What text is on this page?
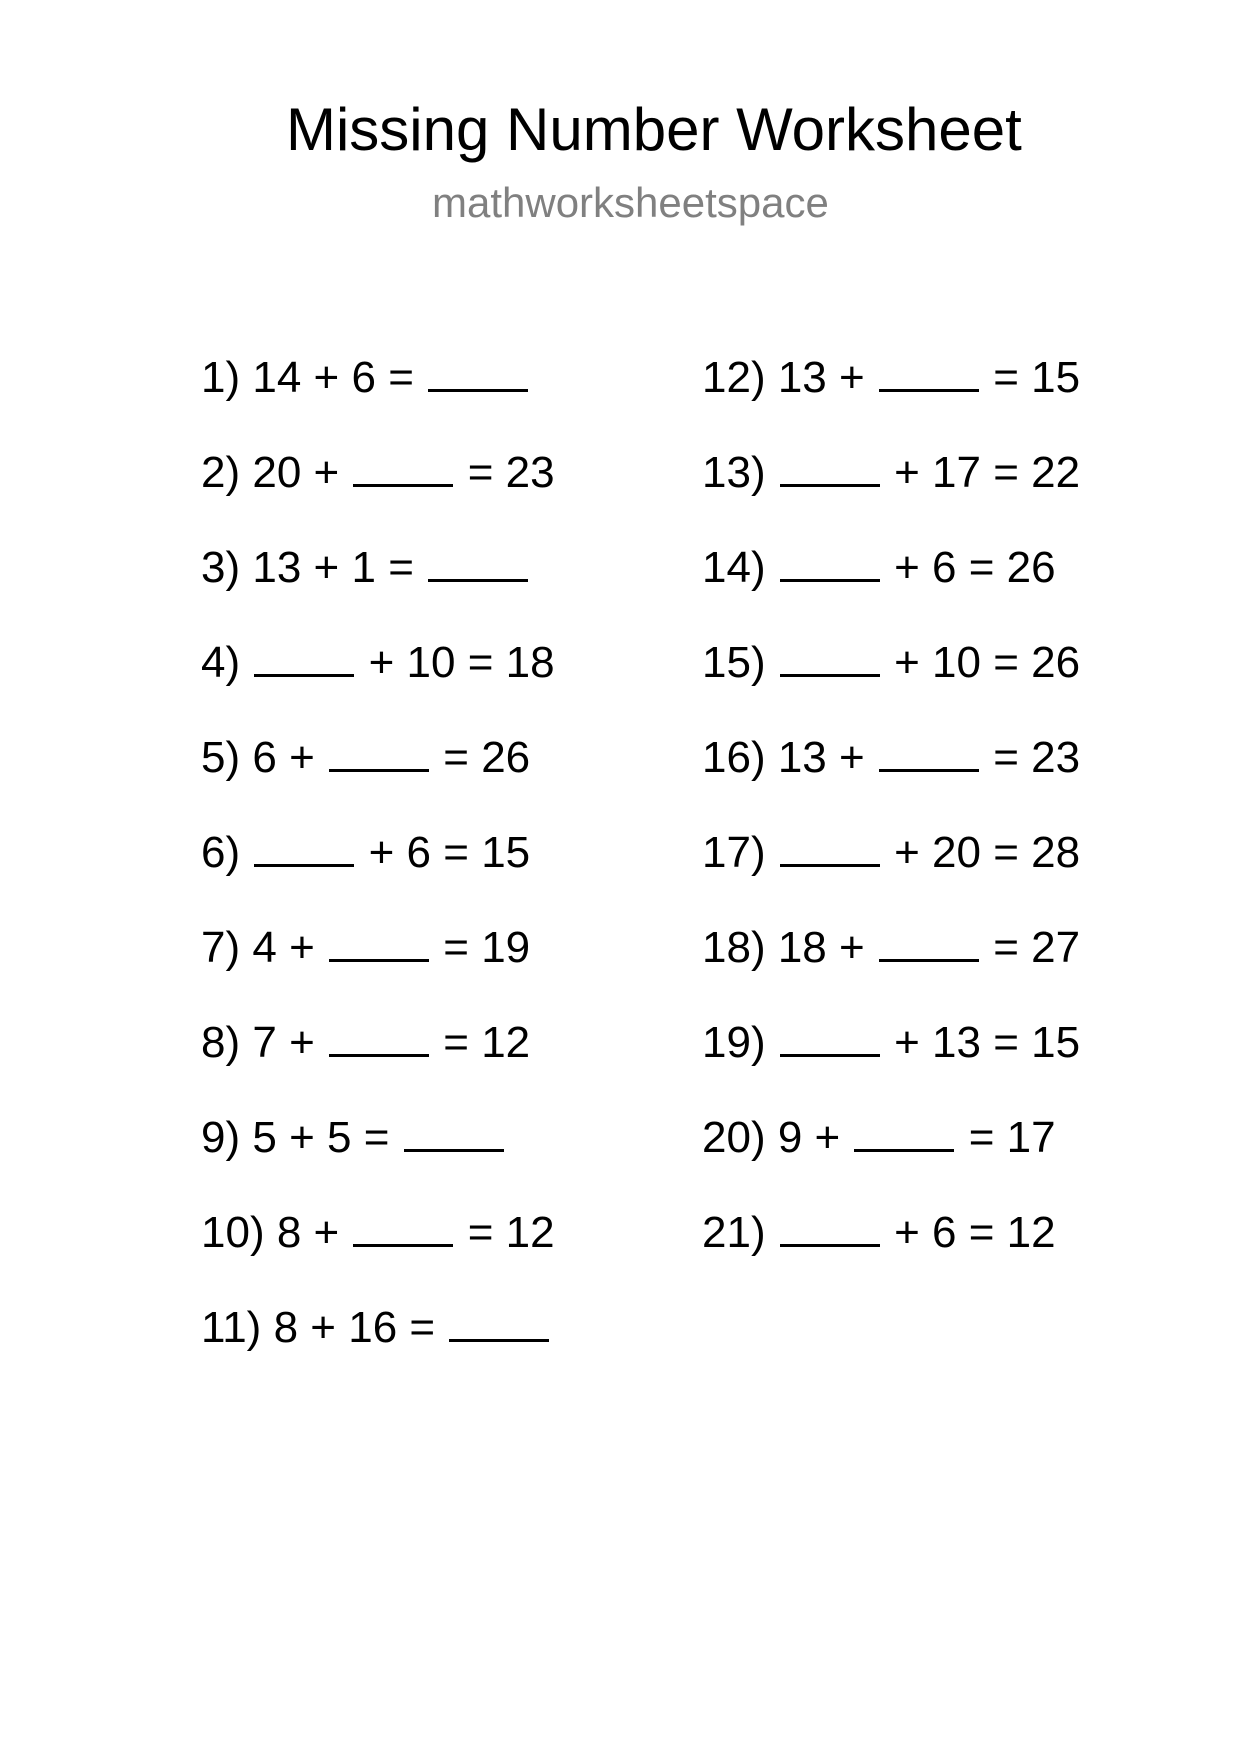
Missing Number Worksheet
mathworksheetspace
1) 14 + 6 =
2) 20 +	= 23
3) 13 + 1 =
4)	+ 10 = 18
5) 6 +	= 26
6)	+ 6 = 15
7) 4 +	= 19
8) 7 +	= 12
9) 5 + 5 =
10) 8 +	= 12
11) 8 + 16 =
12) 13 +	= 15
13)	+ 17 = 22
14)	+ 6 = 26
15)	+ 10 = 26
16) 13 +	= 23
17)	+ 20 = 28
18) 18 +	= 27
19)	+ 13 = 15
20) 9 +	= 17
21)	+ 6 = 12
